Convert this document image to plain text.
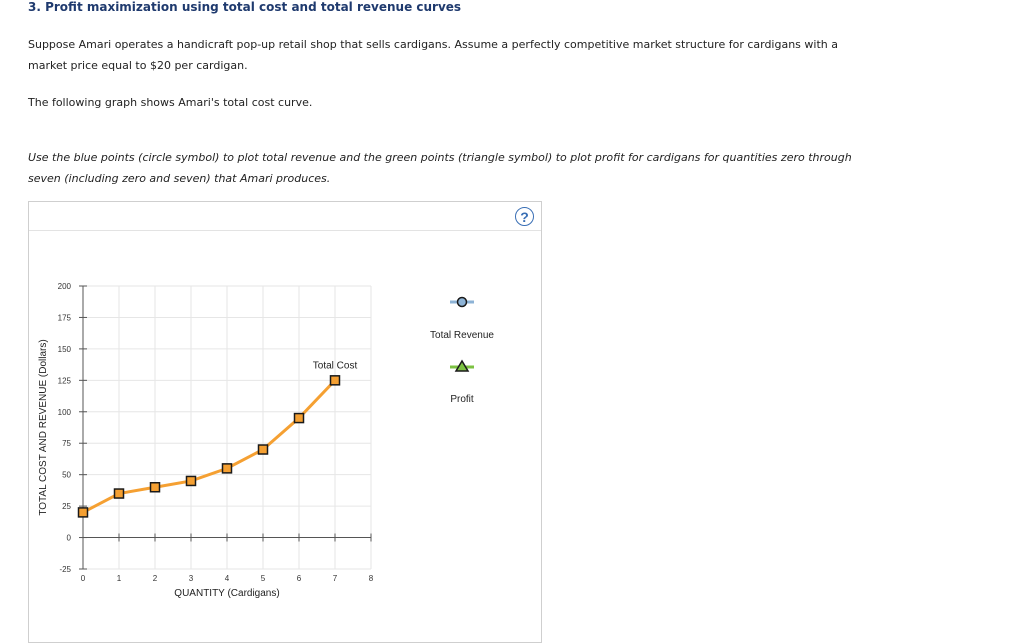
3. Profit maximization using total cost and total revenue curves
Suppose Amari operates a handicraft pop-up retail shop that sells cardigans. Assume a perfectly competitive market structure for cardigans with a
market price equal to $20 per cardigan.
The following graph shows Amari's total cost curve.
Use the blue points (circle symbol) to plot total revenue and the green points (triangle symbol) to plot profit for cardigans for quantities zero through
seven (including zero and seven) that Amari produces.
?
200
175
150
125
100
75
50
25
0
-25
0	1	2	3	4	5	6	7	8
QUANTITY (Cardigans)
TOTAL COST AND REVENUE (Dollars)	Total Cost
Total Revenue
Profit
